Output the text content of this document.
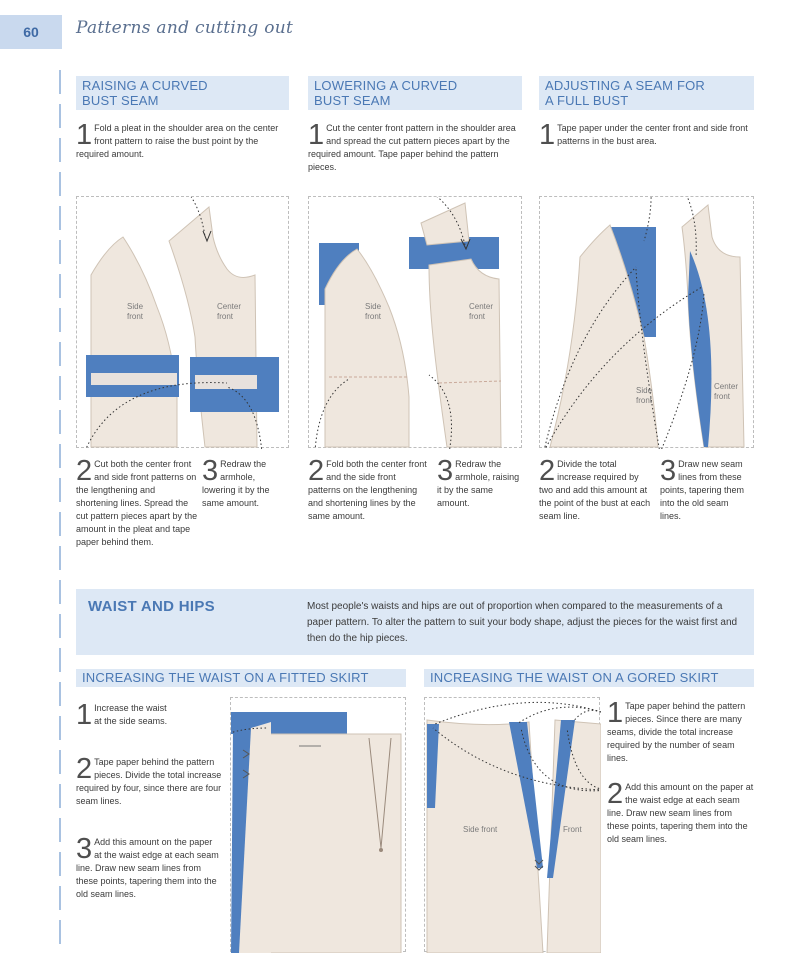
60	Patterns and cutting out
RAISING A CURVED
BUST SEAM
1 Fold a pleat in the shoulder area on the center front pattern to raise the bust point by the required amount.
Side
front
Center
front
2 Cut both the center front and side front patterns on the lengthening and shortening lines. Spread the cut pattern pieces apart by the amount in the pleat and tape paper behind them.
3 Redraw the armhole, lowering it by the same amount.
LOWERING A CURVED
BUST SEAM
1 Cut the center front pattern in the shoulder area and spread the cut pattern pieces apart by the required amount. Tape paper behind the pattern pieces.
Side
front
Center
front
2 Fold both the center front and the side front patterns on the lengthening and shortening lines by the same amount.
3 Redraw the armhole, raising it by the same amount.
ADJUSTING A SEAM FOR
A FULL BUST
1 Tape paper under the center front and side front patterns in the bust area.
Side
front
Center
front
2 Divide the total increase required by two and add this amount at the point of the bust at each seam line.
3 Draw new seam lines from these points, tapering them into the old seam lines.
WAIST AND HIPS	Most people's waists and hips are out of proportion when compared to the measurements of a paper pattern. To alter the pattern to suit your body shape, adjust the pieces for the waist first and then do the hip pieces.
INCREASING THE WAIST ON A FITTED SKIRT
1 Increase the waist at the side seams.
2 Tape paper behind the pattern pieces. Divide the total increase required by four, since there are four seam lines.
3 Add this amount on the paper at the waist edge at each seam line. Draw new seam lines from these points, tapering them into the old seam lines.
INCREASING THE WAIST ON A GORED SKIRT
Side front	Front
1 Tape paper behind the pattern pieces. Since there are many seams, divide the total increase required by the number of seam lines.
2 Add this amount on the paper at the waist edge at each seam line. Draw new seam lines from these points, tapering them into the old seam lines.
